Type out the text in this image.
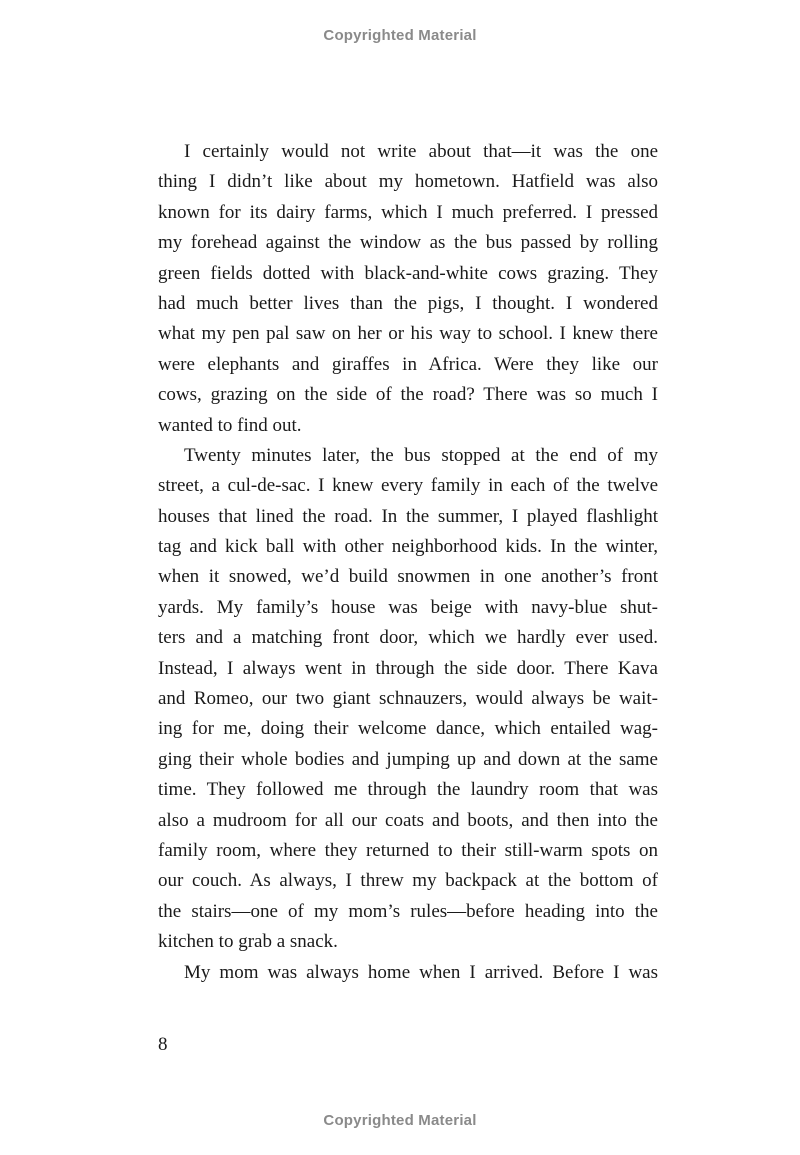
Copyrighted Material

I certainly would not write about that—it was the one
thing I didn’t like about my hometown. Hatfield was also
known for its dairy farms, which I much preferred. I pressed
my forehead against the window as the bus passed by rolling
green fields dotted with black-and-white cows grazing. They
had much better lives than the pigs, I thought. I wondered
what my pen pal saw on her or his way to school. I knew there
were elephants and giraffes in Africa. Were they like our
cows, grazing on the side of the road? There was so much I
wanted to find out.

Twenty minutes later, the bus stopped at the end of my
street, a cul-de-sac. I knew every family in each of the twelve
houses that lined the road. In the summer, I played flashlight
tag and kick ball with other neighborhood kids. In the winter,
when it snowed, we’d build snowmen in one another’s front
yards. My family’s house was beige with navy-blue shut-
ters and a matching front door, which we hardly ever used.
Instead, I always went in through the side door. There Kava
and Romeo, our two giant schnauzers, would always be wait-
ing for me, doing their welcome dance, which entailed wag-
ging their whole bodies and jumping up and down at the same
time. They followed me through the laundry room that was
also a mudroom for all our coats and boots, and then into the
family room, where they returned to their still-warm spots on
our couch. As always, I threw my backpack at the bottom of
the stairs—one of my mom’s rules—before heading into the
kitchen to grab a snack.

My mom was always home when I arrived. Before I was

8
Copyrighted Material
